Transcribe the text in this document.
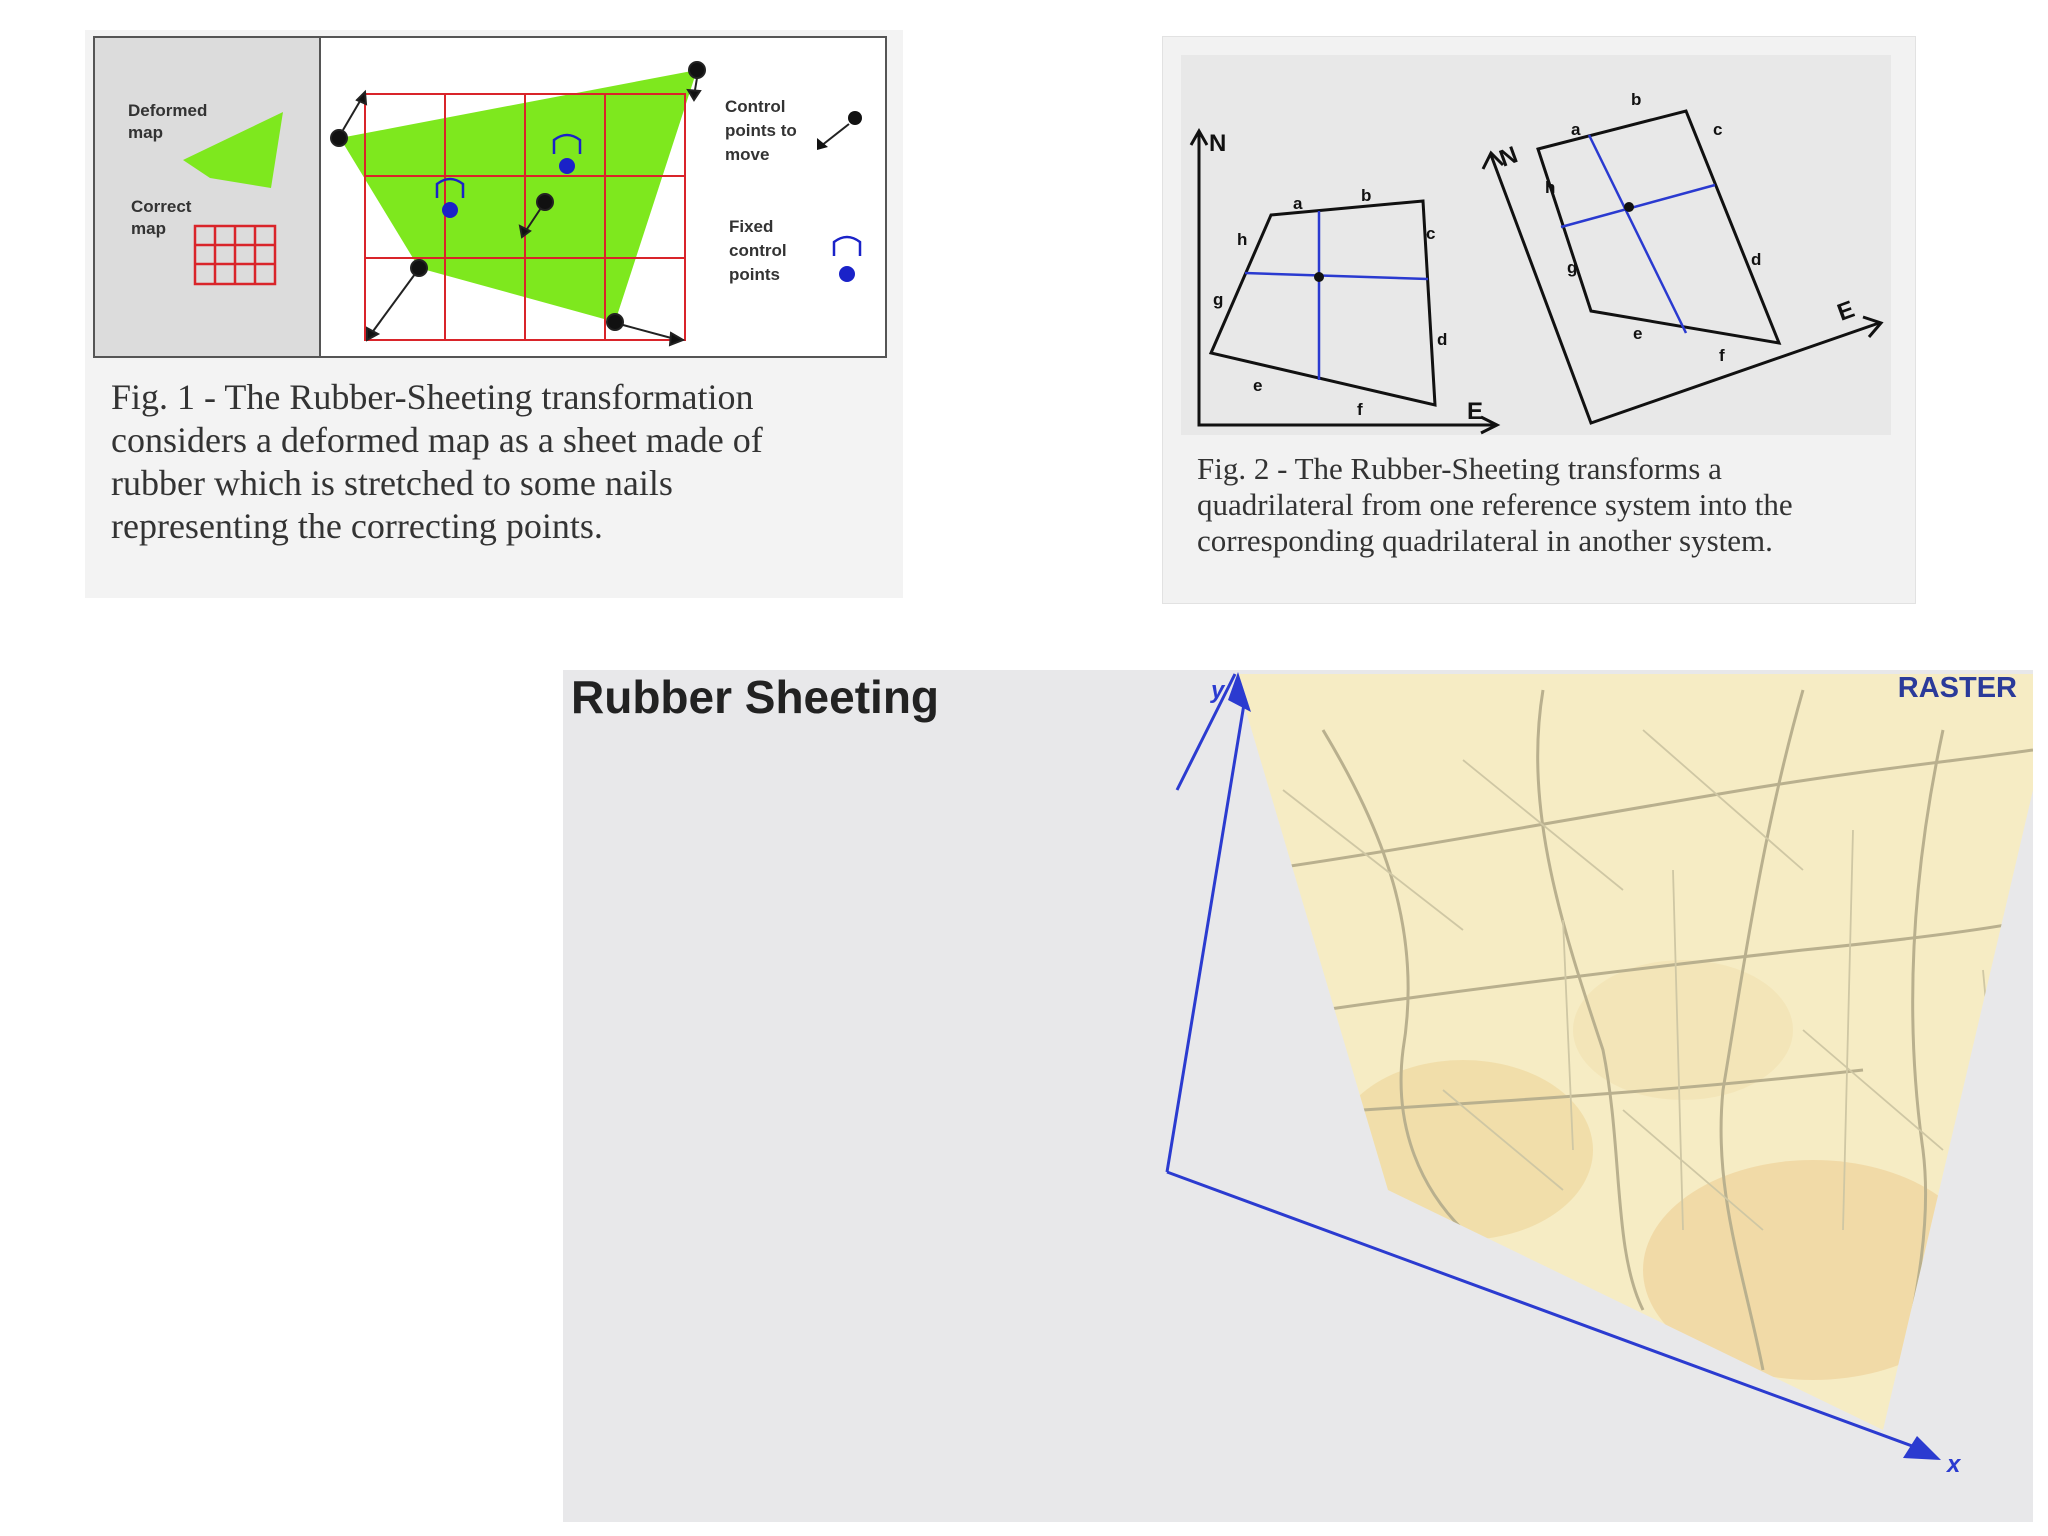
Deformed
map
Correct
map
Control
points to
move
Fixed
control
points
Fig. 1 - The Rubber-Sheeting transformation
considers a deformed map as a sheet made of
rubber which is stretched to some nails
representing the correcting points.
N
E
a	b
c
d
e
f
g
h
N
E
a
b
c
d
e
f
g
h
Fig. 2 - The Rubber-Sheeting transforms a
quadrilateral from one reference system into the
corresponding quadrilateral in another system.
y
x
Rubber Sheeting	RASTER
